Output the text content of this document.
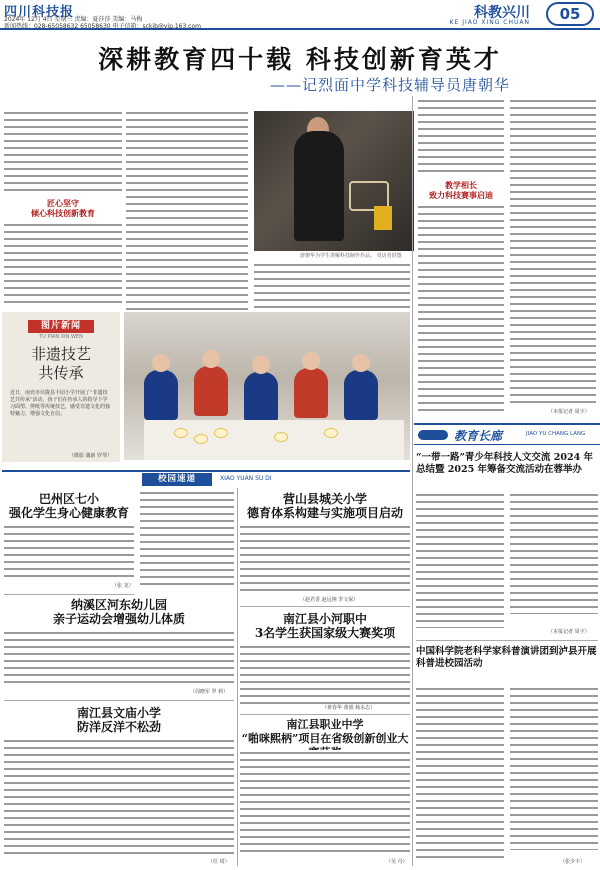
四川科技报
2024年 12月 4日 星期三 责编：夏莎莎 美编：马梅
新闻热线：028-65058632 65058630 电子信箱：sckjb@vip.163.com
科教兴川
KE JIAO XING CHUAN	05
深耕教育四十载 科技创新育英才
——记烈面中学科技辅导员唐朝华
匠心坚守
倾心科技创新教育
唐朝华为学生讲解科技制作作品。 受访者供图
教学相长
致力科技赛事启迪
（本报记者 周宇）
图片新闻
TU PIAN XIN WEN
非遗技艺
共传承
近日，南充市仪陇县丰园小学开展了“非遗技艺共传承”活动，孩子们在传承人的指导下学习面塑、剪纸等传统技艺，感受非遗文化的独特魅力，增强文化自信。
（摄影 蒲新 罗琴）
校园速递	XIAO YUAN SU DI
巴州区七小
强化学生身心健康教育
（张 龙）
纳溪区河东幼儿园
亲子运动会增强幼儿体质
（周晓军 罗 莉）
南江县文庙小学
防洋反洋不松劲
（任 琦）
营山县城关小学
德育体系构建与实施项目启动
（赵君香 赵远翔 李文保）
南江县小河职中
3名学生获国家级大赛奖项
（黄春华 黄娟 杨永志）
南江县职业中学
“啪咪熙柄”项目在省级创新创业大
（吴 丹）
教育长廊	JIAO YU CHANG LANG
“一带一路”青少年科技人文交流 2024 年总结暨 2025 年筹备交流活动在蓉举办
（本报记者 周宇）
中国科学院老科学家科普演讲团到泸县开展科普进校园活动
（张少丰）
